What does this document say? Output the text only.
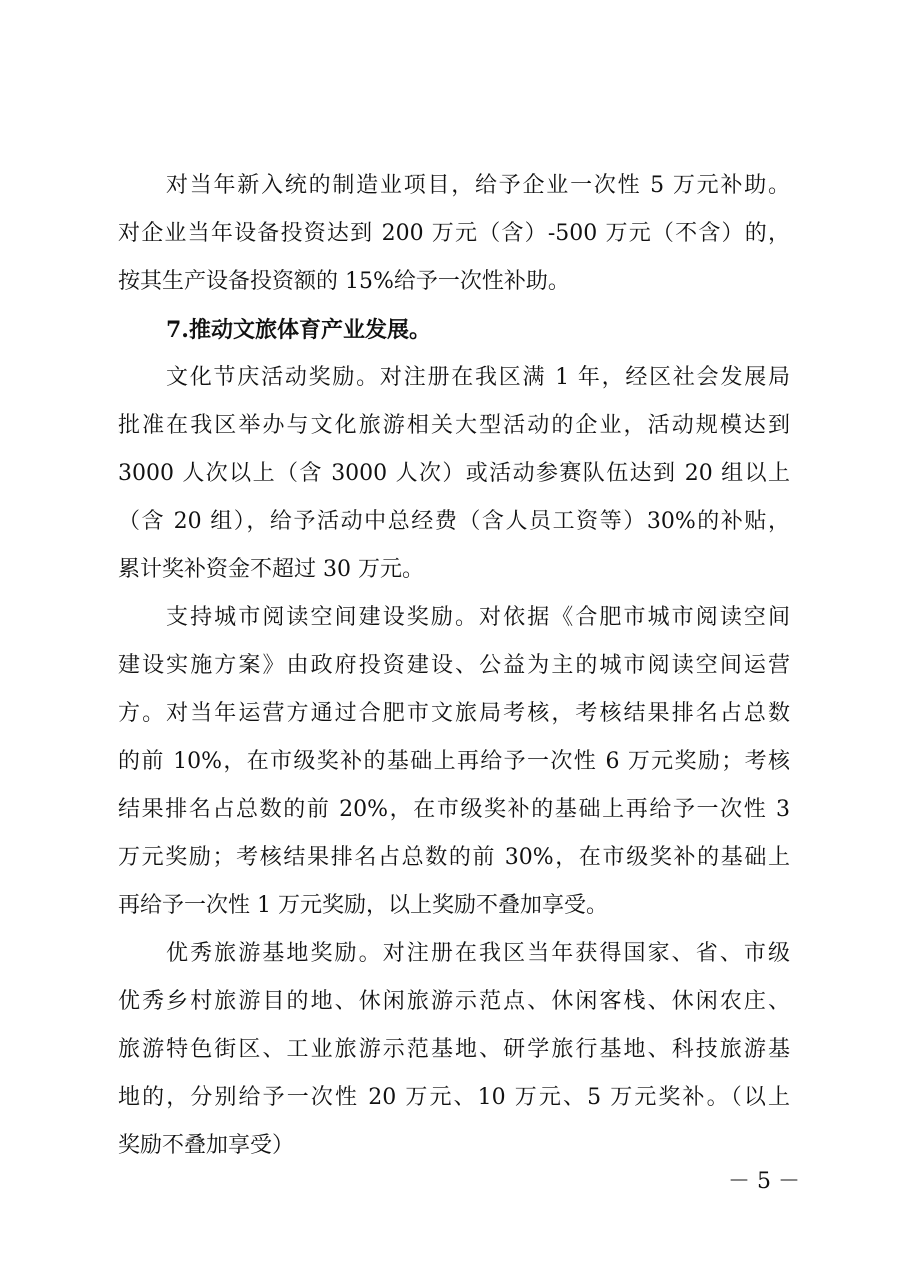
对当年新入统的制造业项目，给予企业一次性 5 万元补助。
对企业当年设备投资达到 200 万元（含）-500 万元（不含）的，
按其生产设备投资额的 15%给予一次性补助。
7.推动文旅体育产业发展。
文化节庆活动奖励。对注册在我区满 1 年，经区社会发展局
批准在我区举办与文化旅游相关大型活动的企业，活动规模达到
3000 人次以上（含 3000 人次）或活动参赛队伍达到 20 组以上
（含 20 组），给予活动中总经费（含人员工资等）30%的补贴，
累计奖补资金不超过 30 万元。
支持城市阅读空间建设奖励。对依据《合肥市城市阅读空间
建设实施方案》由政府投资建设、公益为主的城市阅读空间运营
方。对当年运营方通过合肥市文旅局考核，考核结果排名占总数
的前 10%，在市级奖补的基础上再给予一次性 6 万元奖励；考核
结果排名占总数的前 20%，在市级奖补的基础上再给予一次性 3
万元奖励；考核结果排名占总数的前 30%，在市级奖补的基础上
再给予一次性 1 万元奖励，以上奖励不叠加享受。
优秀旅游基地奖励。对注册在我区当年获得国家、省、市级
优秀乡村旅游目的地、休闲旅游示范点、休闲客栈、休闲农庄、
旅游特色街区、工业旅游示范基地、研学旅行基地、科技旅游基
地的，分别给予一次性 20 万元、10 万元、5 万元奖补。（以上
奖励不叠加享受）
－ 5 －
